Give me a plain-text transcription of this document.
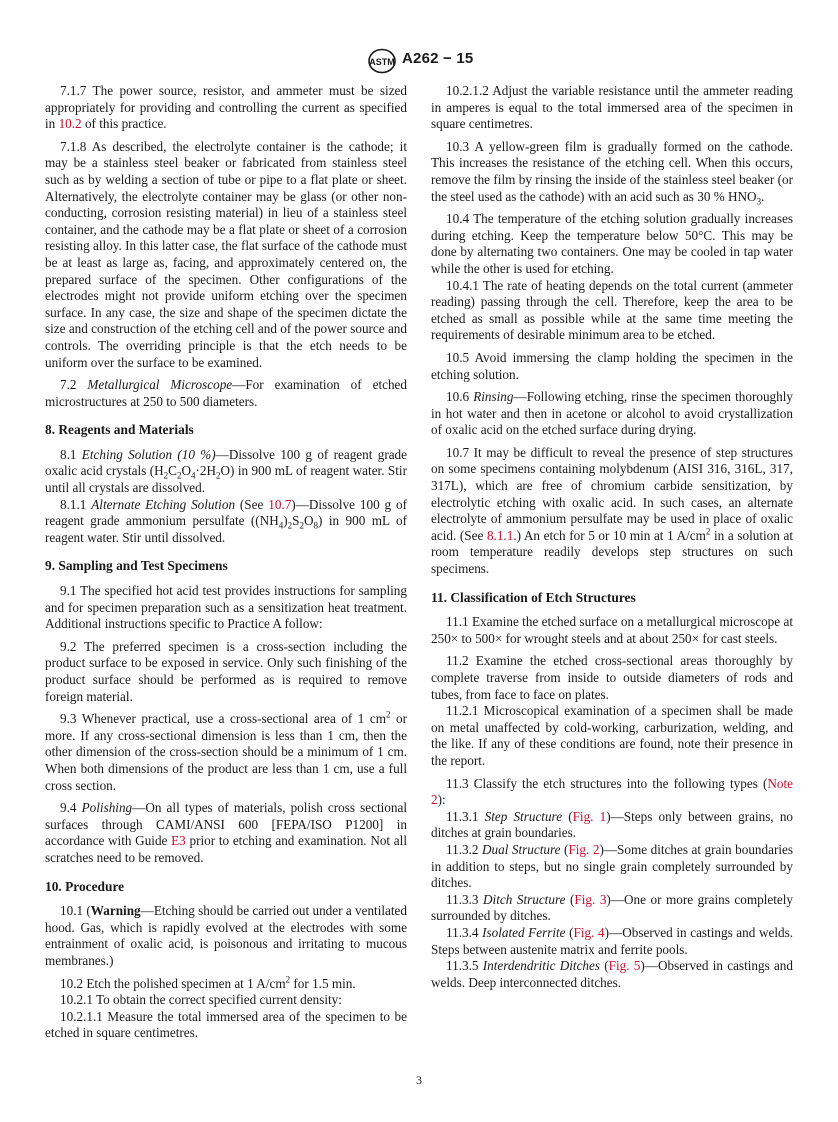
ASTM A262 − 15

7.1.7 The power source, resistor, and ammeter must be sized appropriately for providing and controlling the current as specified in 10.2 of this practice.

7.1.8 As described, the electrolyte container is the cathode; it may be a stainless steel beaker or fabricated from stainless steel such as by welding a section of tube or pipe to a flat plate or sheet. Alternatively, the electrolyte container may be glass (or other non-conducting, corrosion resisting material) in lieu of a stainless steel container, and the cathode may be a flat plate or sheet of a corrosion resisting alloy. In this latter case, the flat surface of the cathode must be at least as large as, facing, and approximately centered on, the prepared surface of the specimen. Other configurations of the electrodes might not provide uniform etching over the specimen surface. In any case, the size and shape of the specimen dictate the size and construction of the etching cell and of the power source and controls. The overriding principle is that the etch needs to be uniform over the surface to be examined.

7.2 Metallurgical Microscope—For examination of etched microstructures at 250 to 500 diameters.

8. Reagents and Materials

8.1 Etching Solution (10 %)—Dissolve 100 g of reagent grade oxalic acid crystals $(H_2C_2O_4\cdot 2H_2O)$ in 900 mL of reagent water. Stir until all crystals are dissolved.

8.1.1 Alternate Etching Solution (See 10.7)—Dissolve 100 g of reagent grade ammonium persulfate $((NH_4)_2S_2O_8)$ in 900 mL of reagent water. Stir until dissolved.

9. Sampling and Test Specimens

9.1 The specified hot acid test provides instructions for sampling and for specimen preparation such as a sensitization heat treatment. Additional instructions specific to Practice A follow:

9.2 The preferred specimen is a cross-section including the product surface to be exposed in service. Only such finishing of the product surface should be performed as is required to remove foreign material.

9.3 Whenever practical, use a cross-sectional area of 1 $cm^2$ or more. If any cross-sectional dimension is less than 1 cm, then the other dimension of the cross-section should be a minimum of 1 cm. When both dimensions of the product are less than 1 cm, use a full cross section.

9.4 Polishing—On all types of materials, polish cross sectional surfaces through CAMI/ANSI 600 [FEPA/ISO P1200] in accordance with Guide E3 prior to etching and examination. Not all scratches need to be removed.

10. Procedure

10.1 (Warning—Etching should be carried out under a ventilated hood. Gas, which is rapidly evolved at the electrodes with some entrainment of oxalic acid, is poisonous and irritating to mucous membranes.)

10.2 Etch the polished specimen at 1 $A/cm^2$ for 1.5 min.

10.2.1 To obtain the correct specified current density:

10.2.1.1 Measure the total immersed area of the specimen to be etched in square centimetres.

10.2.1.2 Adjust the variable resistance until the ammeter reading in amperes is equal to the total immersed area of the specimen in square centimetres.

10.3 A yellow-green film is gradually formed on the cathode. This increases the resistance of the etching cell. When this occurs, remove the film by rinsing the inside of the stainless steel beaker (or the steel used as the cathode) with an acid such as 30 % $HNO_3$.

10.4 The temperature of the etching solution gradually increases during etching. Keep the temperature below 50°C. This may be done by alternating two containers. One may be cooled in tap water while the other is used for etching.

10.4.1 The rate of heating depends on the total current (ammeter reading) passing through the cell. Therefore, keep the area to be etched as small as possible while at the same time meeting the requirements of desirable minimum area to be etched.

10.5 Avoid immersing the clamp holding the specimen in the etching solution.

10.6 Rinsing—Following etching, rinse the specimen thoroughly in hot water and then in acetone or alcohol to avoid crystallization of oxalic acid on the etched surface during drying.

10.7 It may be difficult to reveal the presence of step structures on some specimens containing molybdenum (AISI 316, 316L, 317, 317L), which are free of chromium carbide sensitization, by electrolytic etching with oxalic acid. In such cases, an alternate electrolyte of ammonium persulfate may be used in place of oxalic acid. (See 8.1.1.) An etch for 5 or 10 min at 1 $A/cm^2$ in a solution at room temperature readily develops step structures on such specimens.

11. Classification of Etch Structures

11.1 Examine the etched surface on a metallurgical microscope at 250× to 500× for wrought steels and at about 250× for cast steels.

11.2 Examine the etched cross-sectional areas thoroughly by complete traverse from inside to outside diameters of rods and tubes, from face to face on plates.

11.2.1 Microscopical examination of a specimen shall be made on metal unaffected by cold-working, carburization, welding, and the like. If any of these conditions are found, note their presence in the report.

11.3 Classify the etch structures into the following types (Note 2):

11.3.1 Step Structure (Fig. 1)—Steps only between grains, no ditches at grain boundaries.

11.3.2 Dual Structure (Fig. 2)—Some ditches at grain boundaries in addition to steps, but no single grain completely surrounded by ditches.

11.3.3 Ditch Structure (Fig. 3)—One or more grains completely surrounded by ditches.

11.3.4 Isolated Ferrite (Fig. 4)—Observed in castings and welds. Steps between austenite matrix and ferrite pools.

11.3.5 Interdendritic Ditches (Fig. 5)—Observed in castings and welds. Deep interconnected ditches.

3
